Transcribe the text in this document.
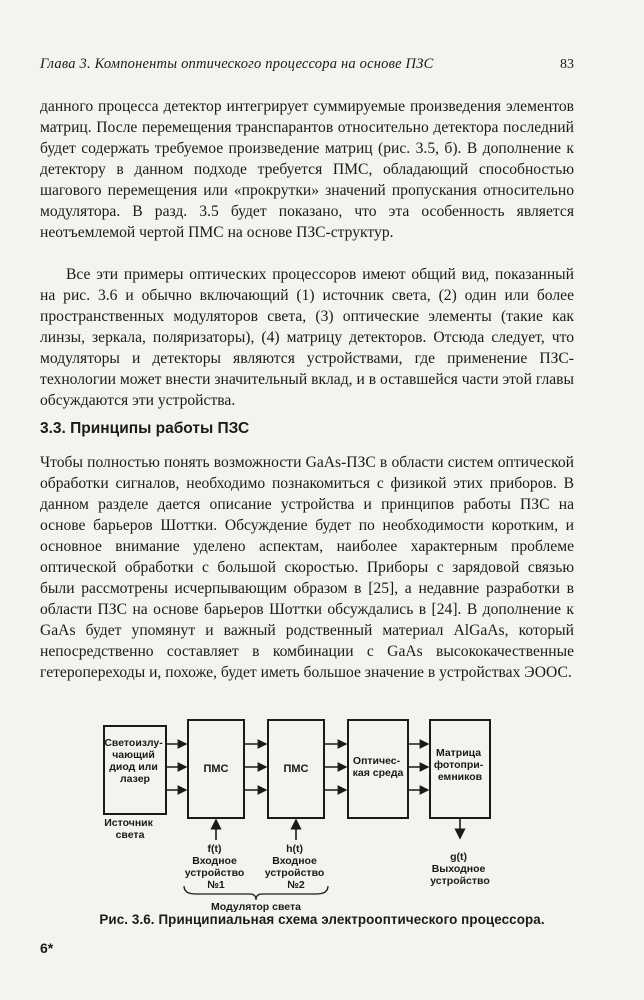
Глава 3. Компоненты оптического процессора на основе ПЗС	83

данного процесса детектор интегрирует суммируемые произведения элементов матриц. После перемещения транспарантов относительно детектора последний будет содержать требуемое произведение матриц (рис. 3.5, б). В дополнение к детектору в данном подходе требуется ПМС, обладающий способностью шагового перемещения или «прокрутки» значений пропускания относительно модулятора. В разд. 3.5 будет показано, что эта особенность является неотъемлемой чертой ПМС на основе ПЗС-структур.

Все эти примеры оптических процессоров имеют общий вид, показанный на рис. 3.6 и обычно включающий (1) источник света, (2) один или более пространственных модуляторов света, (3) оптические элементы (такие как линзы, зеркала, поляризаторы), (4) матрицу детекторов. Отсюда следует, что модуляторы и детекторы являются устройствами, где применение ПЗС-технологии может внести значительный вклад, и в оставшейся части этой главы обсуждаются эти устройства.

3.3. Принципы работы ПЗС

Чтобы полностью понять возможности GaAs-ПЗС в области систем оптической обработки сигналов, необходимо познакомиться с физикой этих приборов. В данном разделе дается описание устройства и принципов работы ПЗС на основе барьеров Шоттки. Обсуждение будет по необходимости коротким, и основное внимание уделено аспектам, наиболее характерным проблеме оптической обработки с большой скоростью. Приборы с зарядовой связью были рассмотрены исчерпывающим образом в [25], а недавние разработки в области ПЗС на основе барьеров Шоттки обсуждались в [24]. В дополнение к GaAs будет упомянут и важный родственный материал AlGaAs, который непосредственно составляет в комбинации с GaAs высококачественные гетеропереходы и, похоже, будет иметь большое значение в устройствах ЭООС.

Светоизлу- чающий диод или лазер
Источник света
ПМС	ПМС
Оптичес- кая среда
Матрица фотопри- емников
f(t) Входное устройство №1
h(t) Входное устройство №2
g(t) Выходное устройство
Модулятор света

Рис. 3.6. Принципиальная схема электрооптического процессора.

6*
